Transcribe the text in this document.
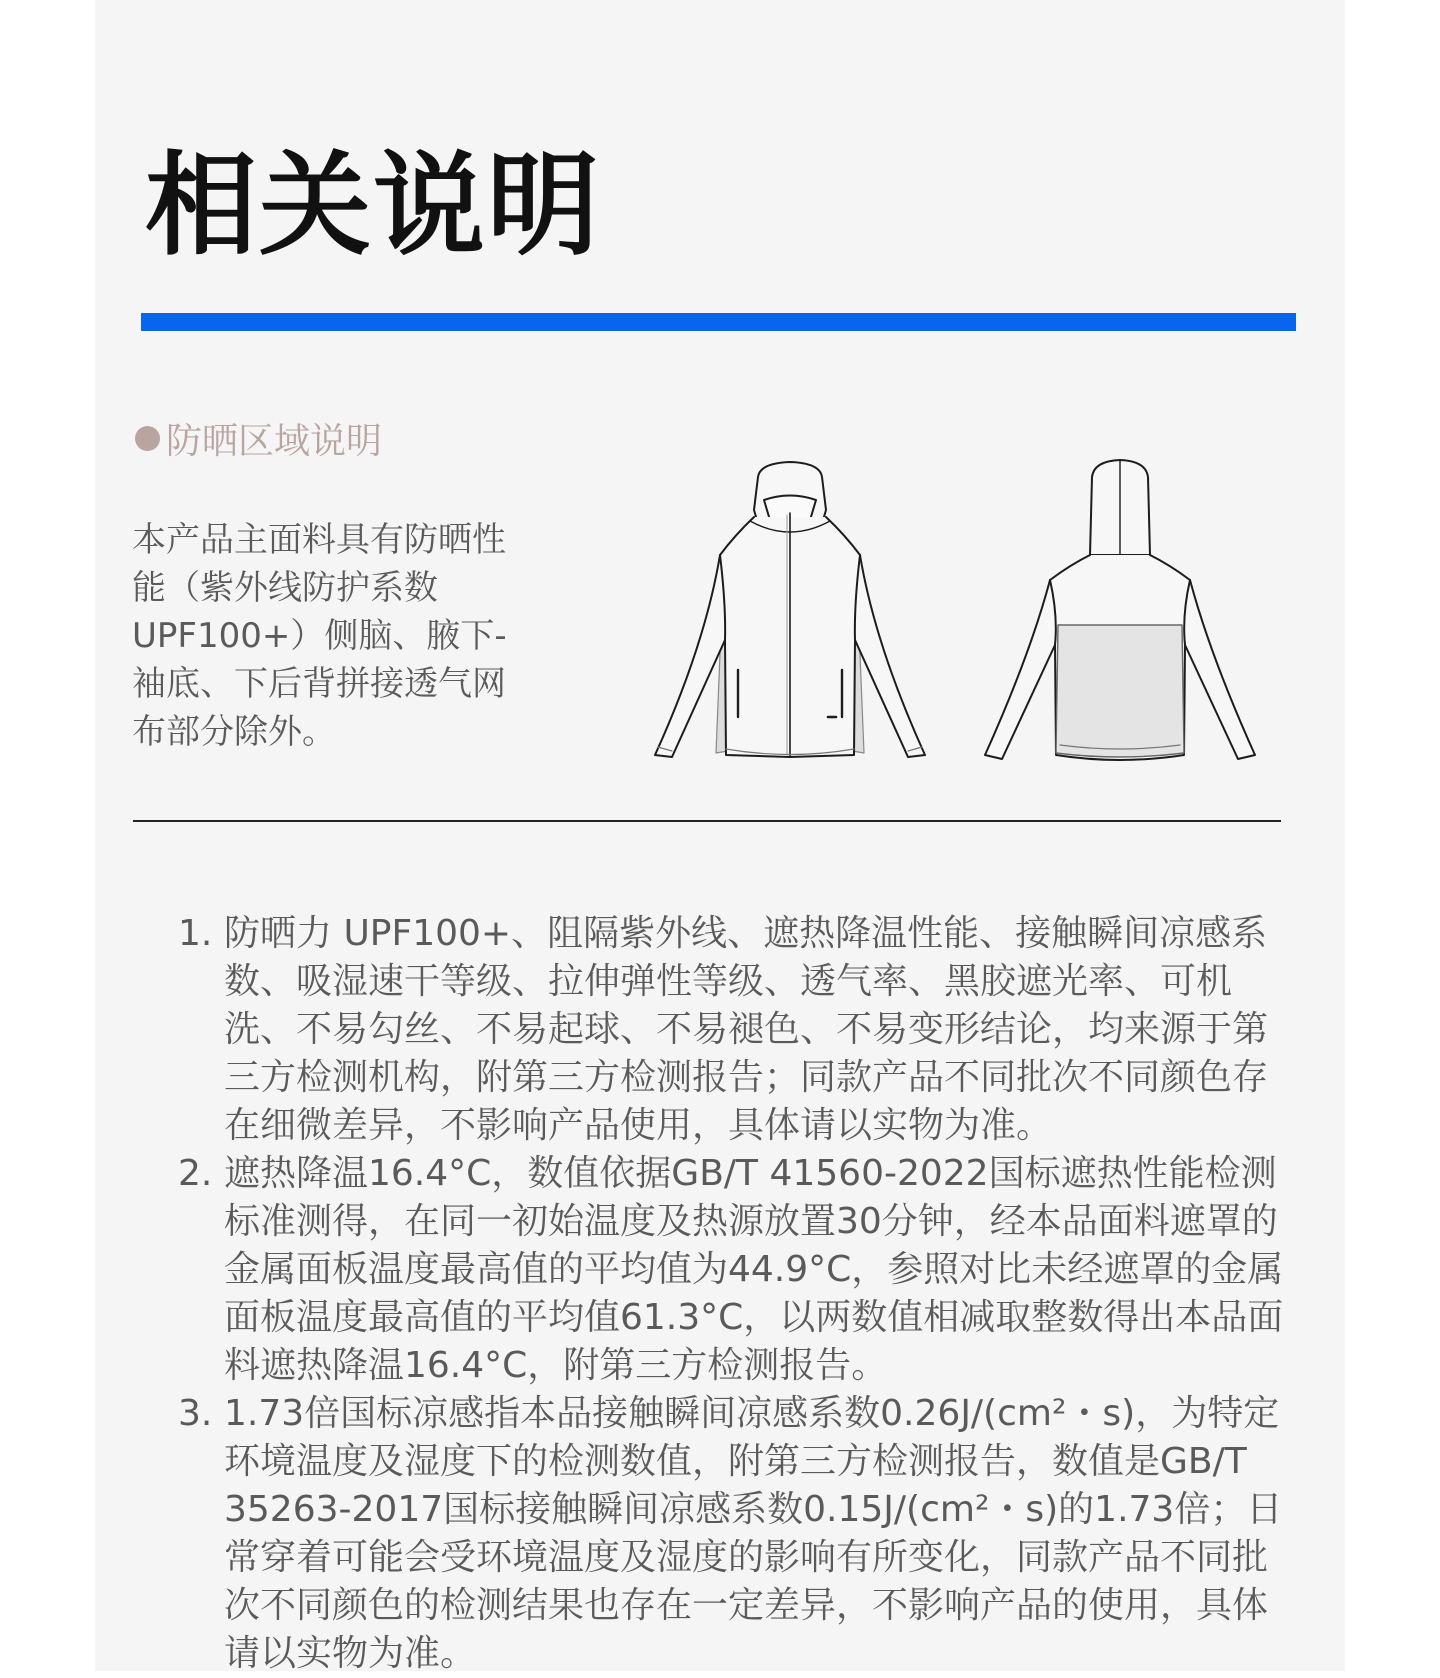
相关说明
防晒区域说明

本产品主面料具有防晒性能（紫外线防护系数UPF100+）侧脑、腋下-袖底、下后背拼接透气网布部分除外。

1. 防晒力 UPF100+、阻隔紫外线、遮热降温性能、接触瞬间凉感系数、吸湿速干等级、拉伸弹性等级、透气率、黑胶遮光率、可机洗、不易勾丝、不易起球、不易褪色、不易变形结论，均来源于第三方检测机构，附第三方检测报告；同款产品不同批次不同颜色存在细微差异，不影响产品使用，具体请以实物为准。
2. 遮热降温16.4°C，数值依据GB/T 41560-2022国标遮热性能检测标准测得，在同一初始温度及热源放置30分钟，经本品面料遮罩的金属面板温度最高值的平均值为44.9°C，参照对比未经遮罩的金属面板温度最高值的平均值61.3°C，以两数值相减取整数得出本品面料遮热降温16.4°C，附第三方检测报告。
3. 1.73倍国标凉感指本品接触瞬间凉感系数0.26J/(cm²・s)，为特定环境温度及湿度下的检测数值，附第三方检测报告，数值是GB/T 35263-2017国标接触瞬间凉感系数0.15J/(cm²・s)的1.73倍；日常穿着可能会受环境温度及湿度的影响有所变化，同款产品不同批次不同颜色的检测结果也存在一定差异，不影响产品的使用，具体请以实物为准。
